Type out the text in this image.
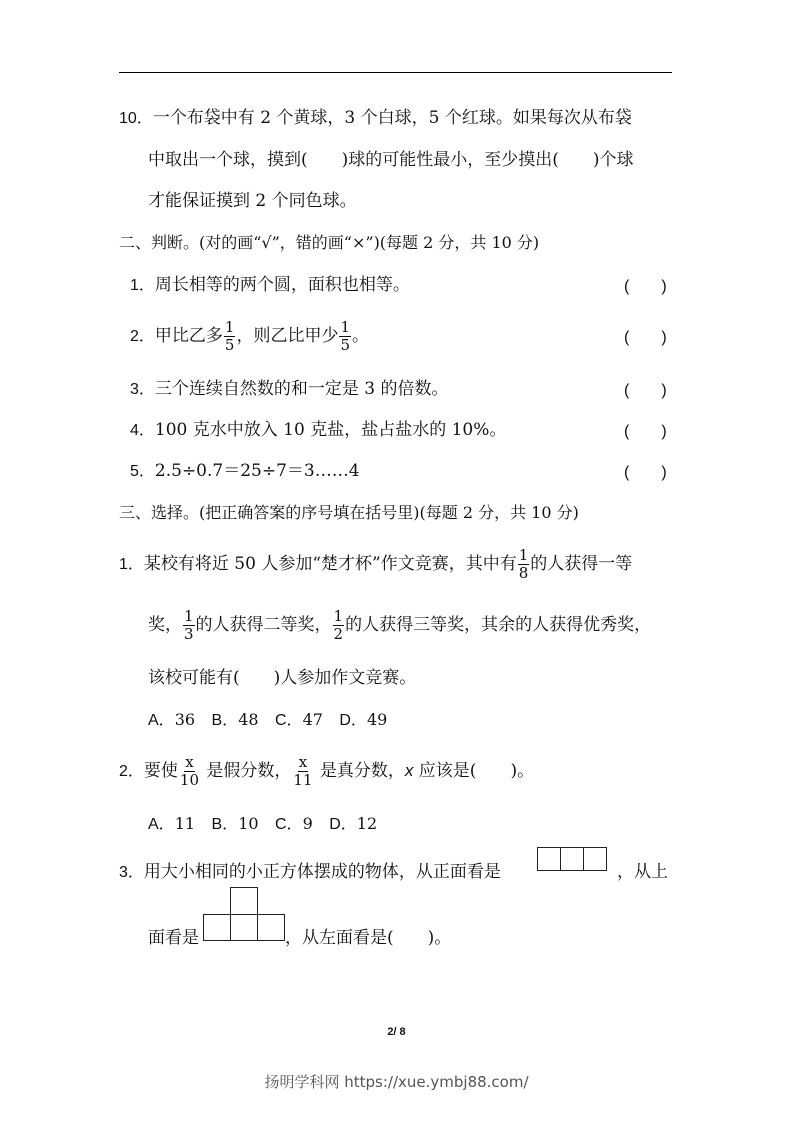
10．一个布袋中有 2 个黄球，3 个白球，5 个红球。如果每次从布袋
中取出一个球，摸到(　　)球的可能性最小，至少摸出(　　)个球
才能保证摸到 2 个同色球。
二、判断。(对的画“√”，错的画“×”)(每题 2 分，共 10 分)
1．周长相等的两个圆，面积也相等。	(　　)
2．甲比乙多 $\frac{1}{5}$ ，则乙比甲少 $\frac{1}{5}$ 。	(　　)
3．三个连续自然数的和一定是 3 的倍数。	(　　)
4．100 克水中放入 10 克盐，盐占盐水的 10%。	(　　)
5．2.5÷0.7＝25÷7＝3……4	(　　)
三、选择。(把正确答案的序号填在括号里)(每题 2 分，共 10 分)
1．某校有将近 50 人参加“楚才杯”作文竞赛，其中有 $\frac{1}{8}$ 的人获得一等
奖， $\frac{1}{3}$ 的人获得二等奖， $\frac{1}{2}$ 的人获得三等奖，其余的人获得优秀奖，
该校可能有(　　)人参加作文竞赛。
A．36 B．48 C．47 D．49
2．要使 $\frac{x}{10}$ 是假分数， $\frac{x}{11}$ 是真分数，x 应该是(　　)。
A．11 B．10 C．9 D．12
3．用大小相同的小正方体摆成的物体，从正面看是	，从上
面看是	，从左面看是(　　)。
2/ 8
扬明学科网 https://xue.ymbj88.com/
